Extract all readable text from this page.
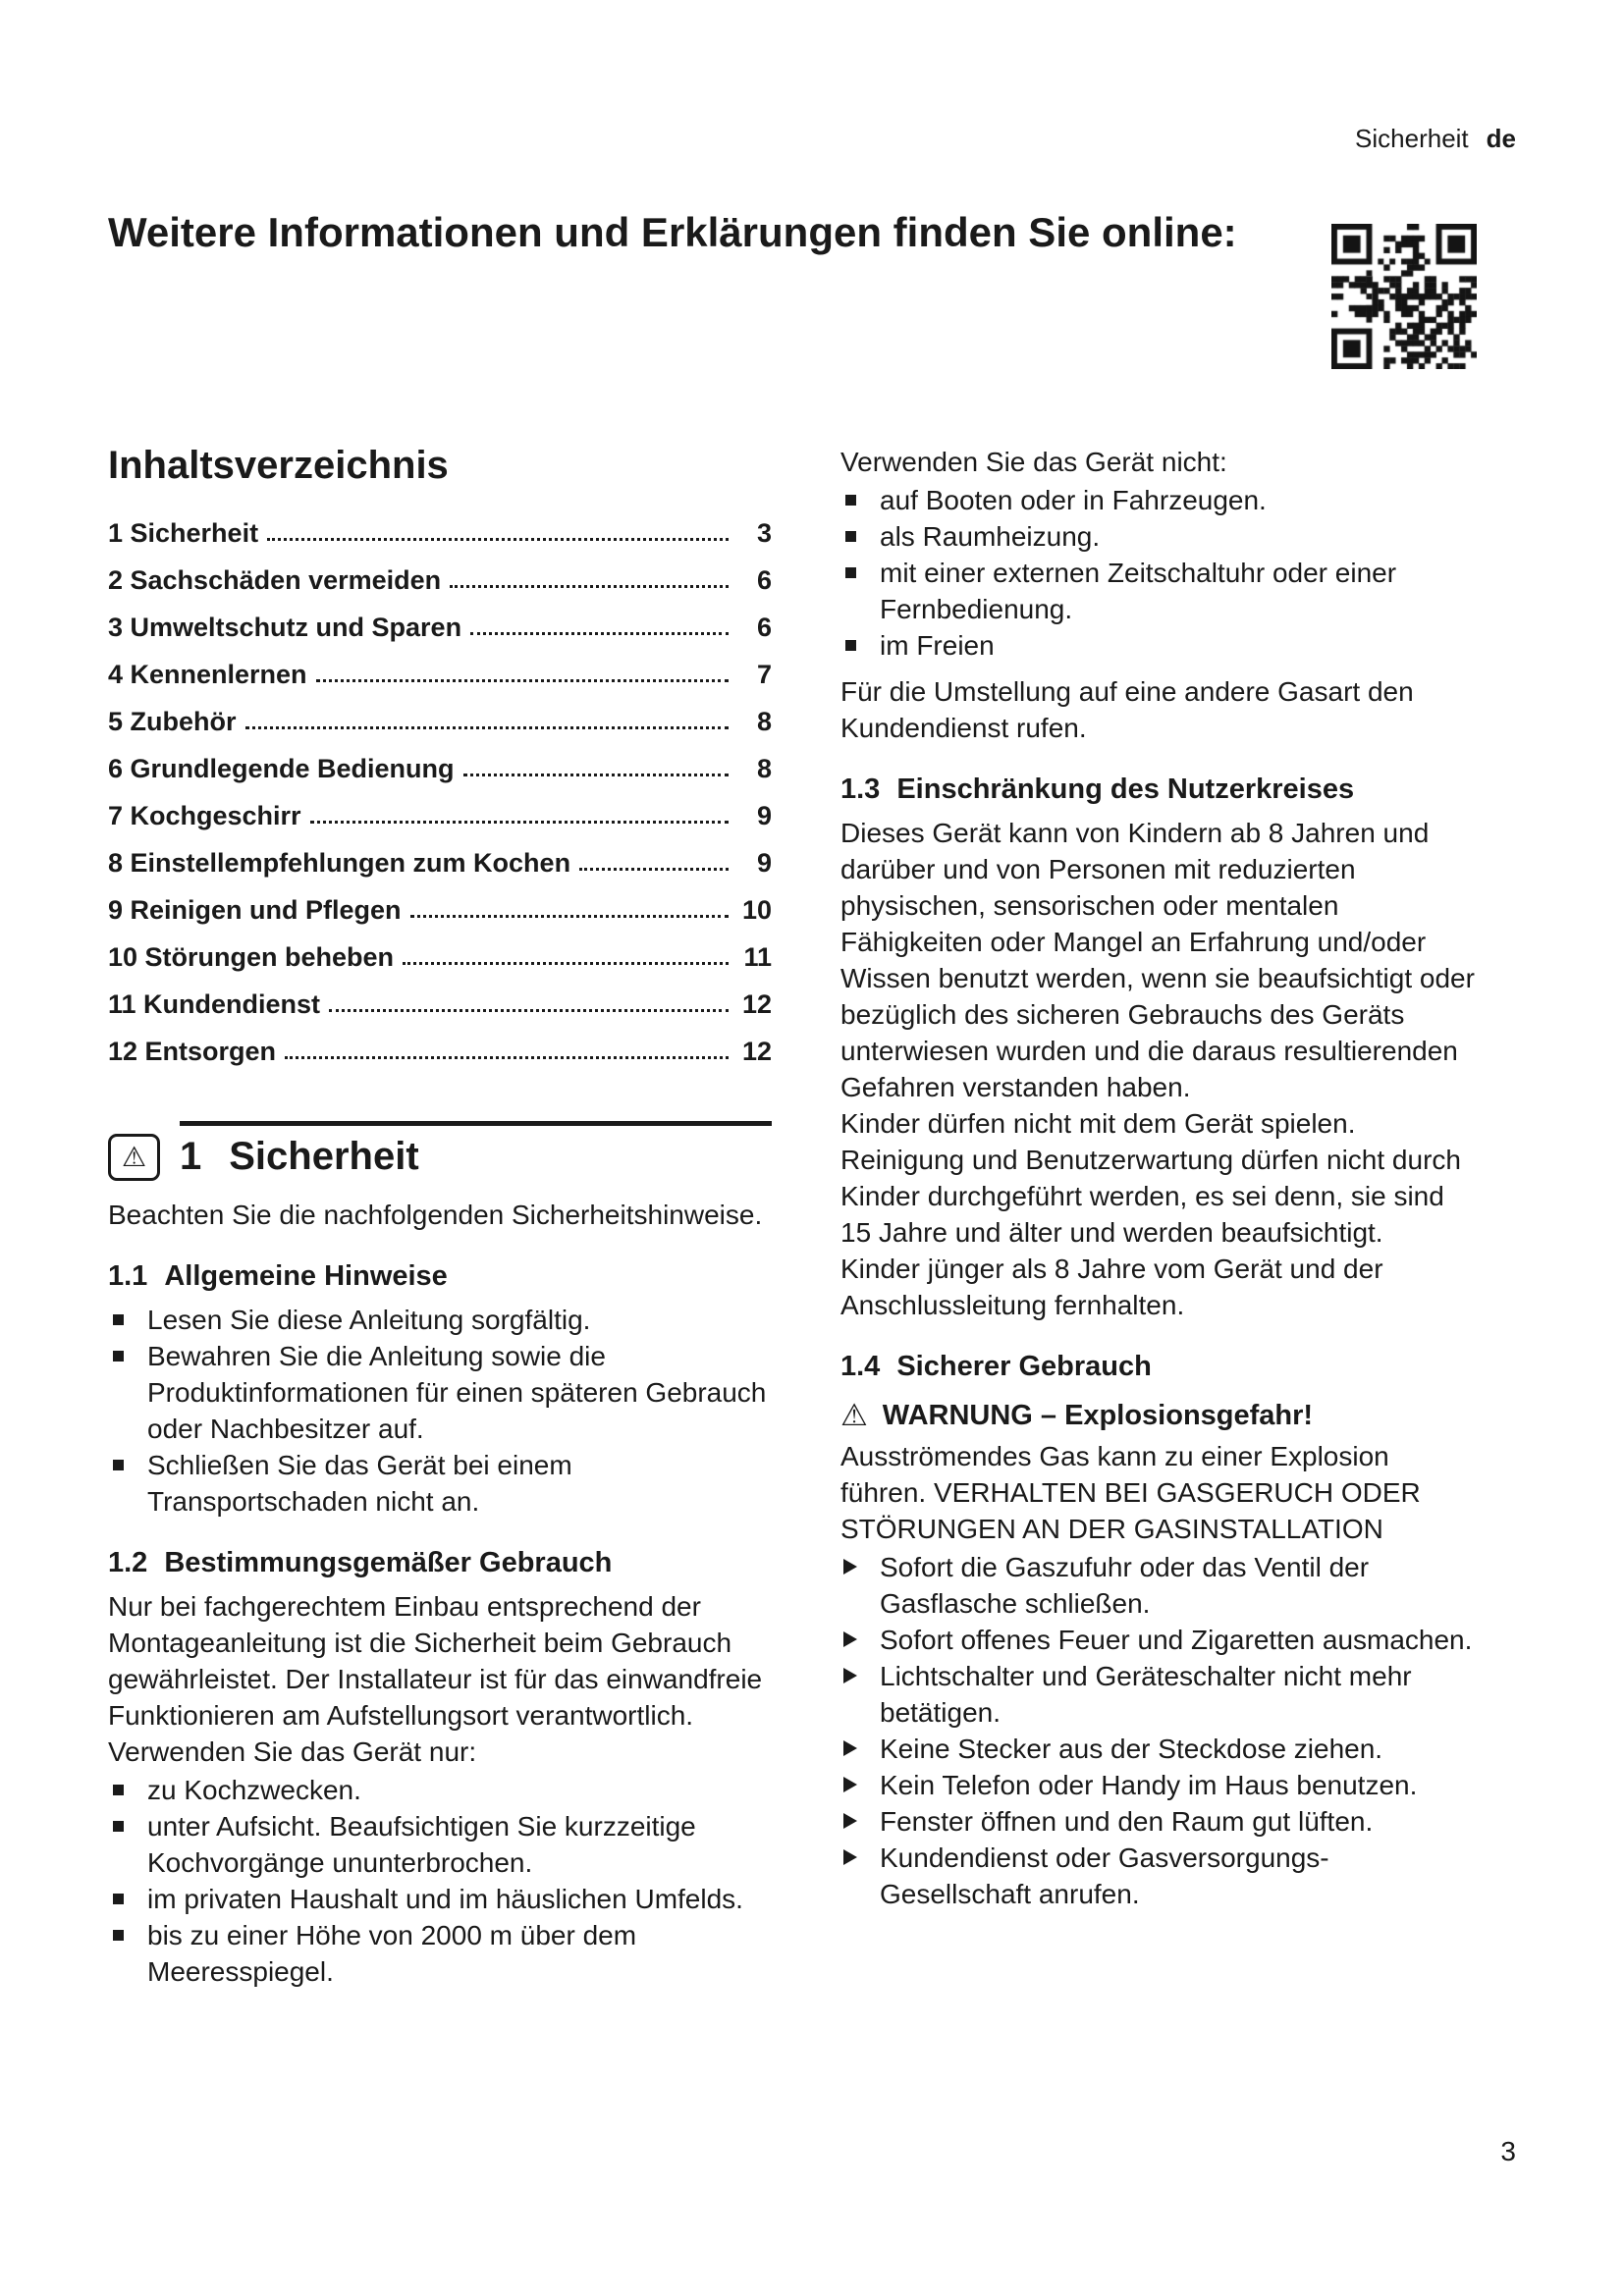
Sicherheit de
Weitere Informationen und Erklärungen finden Sie online:
Inhaltsverzeichnis
1 Sicherheit	3
2 Sachschäden vermeiden	6
3 Umweltschutz und Sparen	6
4 Kennenlernen	7
5 Zubehör	8
6 Grundlegende Bedienung	8
7 Kochgeschirr	9
8 Einstellempfehlungen zum Kochen	9
9 Reinigen und Pflegen	10
10 Störungen beheben	11
11 Kundendienst	12
12 Entsorgen	12
⚠ 1 Sicherheit

Beachten Sie die nachfolgenden Sicherheitshinweise.

1.1 Allgemeine Hinweise
Lesen Sie diese Anleitung sorgfältig.
Bewahren Sie die Anleitung sowie die Produktinformationen für einen späteren Gebrauch oder Nachbesitzer auf.
Schließen Sie das Gerät bei einem Transportschaden nicht an.
1.2 Bestimmungsgemäßer Gebrauch

Nur bei fachgerechtem Einbau entsprechend der Montageanleitung ist die Sicherheit beim Gebrauch gewährleistet. Der Installateur ist für das einwandfreie Funktionieren am Aufstellungsort verantwortlich.

Verwenden Sie das Gerät nur:

zu Kochzwecken.
unter Aufsicht. Beaufsichtigen Sie kurzzeitige Kochvorgänge ununterbrochen.
im privaten Haushalt und im häuslichen Umfelds.
bis zu einer Höhe von 2000 m über dem Meeresspiegel.

Verwenden Sie das Gerät nicht:

auf Booten oder in Fahrzeugen.
als Raumheizung.
mit einer externen Zeitschaltuhr oder einer Fernbedienung.
im Freien

Für die Umstellung auf eine andere Gasart den Kundendienst rufen.

1.3 Einschränkung des Nutzerkreises

Dieses Gerät kann von Kindern ab 8 Jahren und darüber und von Personen mit reduzierten physischen, sensorischen oder mentalen Fähigkeiten oder Mangel an Erfahrung und/oder Wissen benutzt werden, wenn sie beaufsichtigt oder bezüglich des sicheren Gebrauchs des Geräts unterwiesen wurden und die daraus resultierenden Gefahren verstanden haben.

Kinder dürfen nicht mit dem Gerät spielen.

Reinigung und Benutzerwartung dürfen nicht durch Kinder durchgeführt werden, es sei denn, sie sind 15 Jahre und älter und werden beaufsichtigt.

Kinder jünger als 8 Jahre vom Gerät und der Anschlussleitung fernhalten.

1.4 Sicherer Gebrauch
⚠ WARNUNG – Explosionsgefahr!

Ausströmendes Gas kann zu einer Explosion führen. VERHALTEN BEI GASGERUCH ODER STÖRUNGEN AN DER GASINSTALLATION

Sofort die Gaszufuhr oder das Ventil der Gasflasche schließen.
Sofort offenes Feuer und Zigaretten ausmachen.
Lichtschalter und Geräteschalter nicht mehr betätigen.
Keine Stecker aus der Steckdose ziehen.
Kein Telefon oder Handy im Haus benutzen.
Fenster öffnen und den Raum gut lüften.
Kundendienst oder Gasversorgungs-Gesellschaft anrufen.
3
